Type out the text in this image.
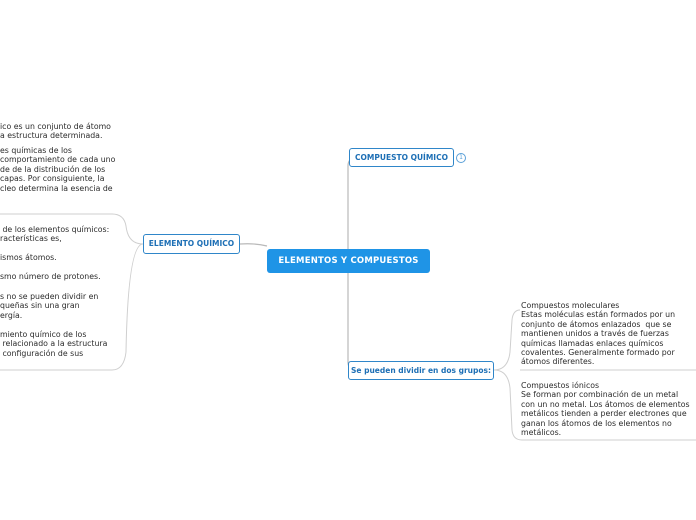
ELEMENTOS Y COMPUESTOS
COMPUESTO QUÍMICO	1
ELEMENTO QUÍMICO
Se pueden dividir en dos grupos:
ico es un conjunto de átomo
a estructura determinada.
es químicas de los
comportamiento de cada uno
de de la distribución de los
capas. Por consiguiente, la
cleo determina la esencia de
de los elementos químicos:
racterísticas es,
ismos átomos.
smo número de protones.
s no se pueden dividir en
queñas sin una gran
ergía.
miento químico de los
relacionado a la estructura
configuración de sus
Compuestos moleculares
Estas moléculas están formados por un
conjunto de átomos enlazados  que se
mantienen unidos a través de fuerzas
químicas llamadas enlaces químicos
covalentes. Generalmente formado por
átomos diferentes.
Compuestos iónicos
Se forman por combinación de un metal
con un no metal. Los átomos de elementos
metálicos tienden a perder electrones que
ganan los átomos de los elementos no
metálicos.
